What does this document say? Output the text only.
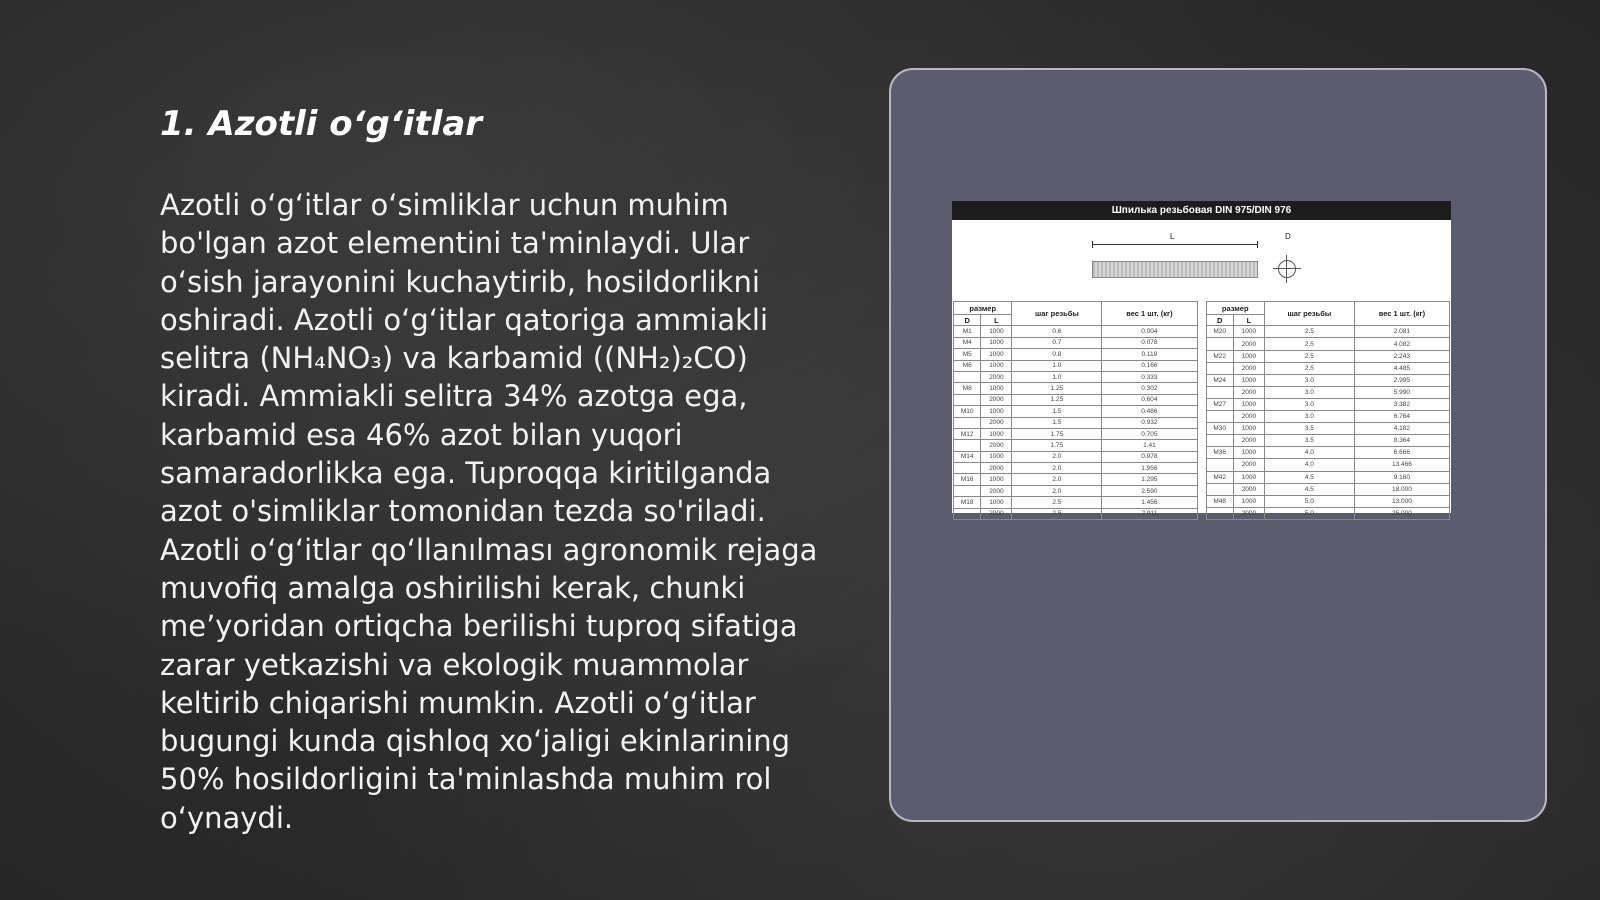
1. Azotli o‘g‘itlar

Azotli o‘g‘itlar o‘simliklar uchun muhim bo'lgan azot elementini ta'minlaydi. Ular o‘sish jarayonini kuchaytirib, hosildorlikni oshiradi. Azotli o‘g‘itlar qatoriga ammiakli selitra (NH₄NO₃) va karbamid ((NH₂)₂CO) kiradi. Ammiakli selitra 34% azotga ega, karbamid esa 46% azot bilan yuqori samaradorlikka ega. Tuproqqa kiritilganda azot o'simliklar tomonidan tezda so'riladi. Azotli o‘g‘itlar qo‘llanılması agronomik rejaga muvofiq amalga oshirilishi kerak, chunki me’yoridan ortiqcha berilishi tuproq sifatiga zarar yetkazishi va ekologik muammolar keltirib chiqarishi mumkin. Azotli o‘g‘itlar bugungi kunda qishloq xo‘jaligi ekinlarining 50% hosildorligini ta'minlashda muhim rol o‘ynaydi.

Шпилька резьбовая DIN 975/DIN 976
L	D
размер		шаг резьбы	вес 1 шт. (кг)
D	L		
M1	1000	0.6	0.004
M4	1000	0.7	0.078
M5	1000	0.8	0.119
M6	1000	1.0	0.166
	2000	1.0	0.333
M8	1000	1.25	0.302
	2000	1.25	0.604
M10	1000	1.5	0.486
	2000	1.5	0.932
M12	1000	1.75	0.705
	2000	1.75	1.41
M14	1000	2.0	0.978
	2000	2.0	1.956
M16	1000	2.0	1.295
	2000	2.0	2.590
M18	1000	2.5	1.456
	2000	2.5	2.911
размер		шаг резьбы	вес 1 шт. (кг)
D	L		
M20	1000	2.5	2.081
	2000	2.5	4.082
M22	1000	2.5	2.243
	2000	2.5	4.485
M24	1000	3.0	2.995
	2000	3.0	5.990
M27	1000	3.0	3.382
	2000	3.0	6.764
M30	1000	3.5	4.182
	2000	3.5	8.364
M36	1000	4.0	6.666
	2000	4.0	13.466
M42	1000	4.5	9.160
	2000	4.5	18.000
M48	1000	5.0	13.000
	2000	5.0	25.000
